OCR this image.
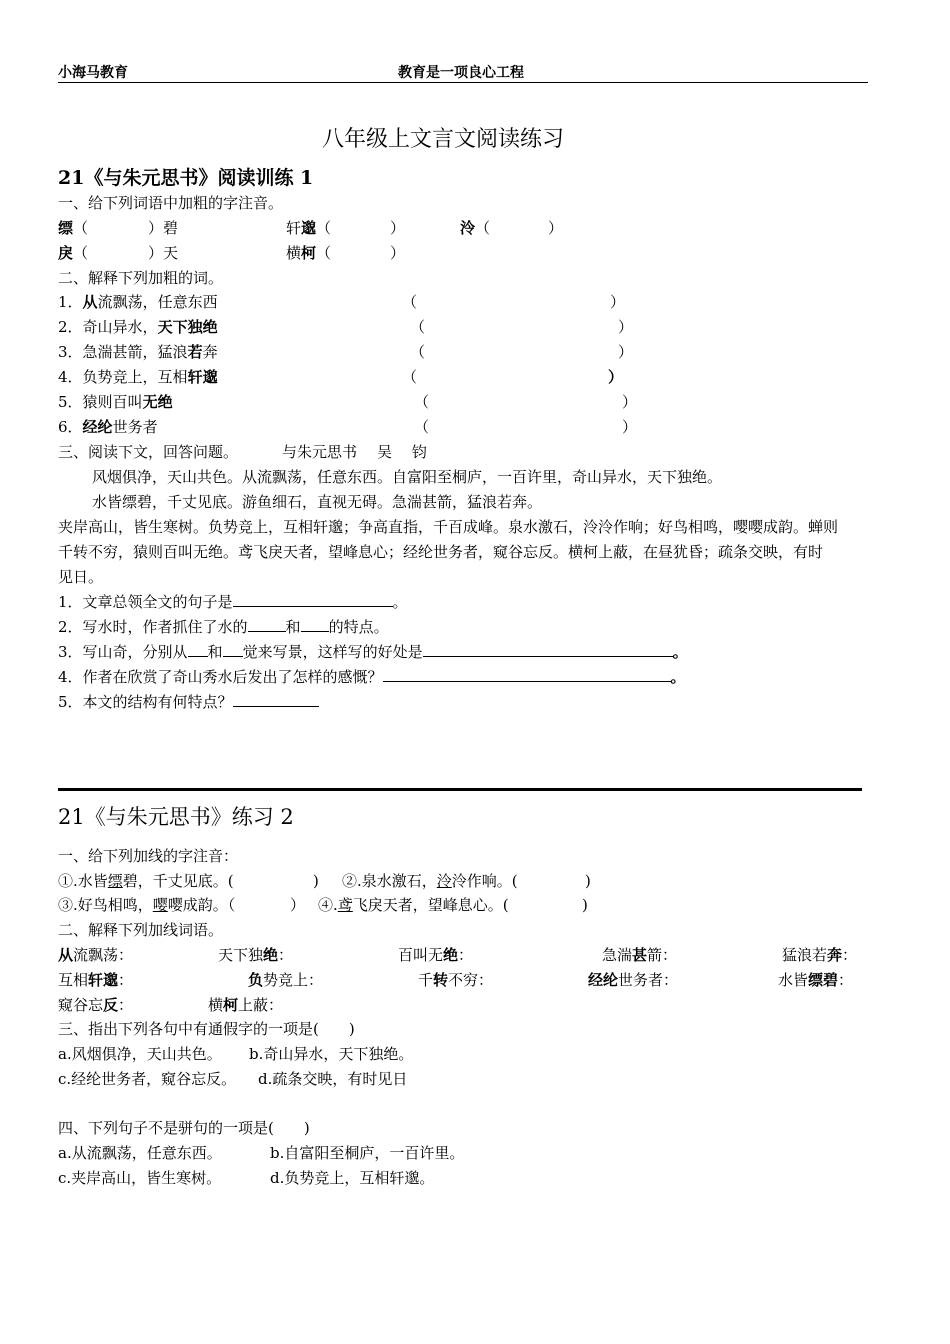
小海马教育	教育是一项良心工程
八年级上文言文阅读练习
21《与朱元思书》阅读训练 1
一、给下列词语中加粗的字注音。
缥（	）碧	轩邈（	）	泠（	）
戾（	）天	横柯（	）
二、解释下列加粗的词。
1．从流飘荡，任意东西	（	）
2．奇山异水，天下独绝	（	）
3．急湍甚箭，猛浪若奔	（	）
4．负势竞上，互相轩邈	（	）
5．猿则百叫无绝	（	）
6．经纶世务者	（	）
三、阅读下文，回答问题。	与朱元思书 吴　 钧
风烟俱净，天山共色。从流飘荡，任意东西。自富阳至桐庐，一百许里，奇山异水，天下独绝。
水皆缥碧，千丈见底。游鱼细石，直视无碍。急湍甚箭，猛浪若奔。
夹岸高山，皆生寒树。负势竞上，互相轩邈；争高直指，千百成峰。泉水激石，泠泠作响；好鸟相鸣，嘤嘤成韵。蝉则
千转不穷，猿则百叫无绝。鸢飞戾天者，望峰息心；经纶世务者，窥谷忘反。横柯上蔽，在昼犹昏；疏条交映，有时
见日。
1．文章总领全文的句子是	。
2．写水时，作者抓住了水的	和 的特点。
3．写山奇，分别从 和 觉来写景，这样写的好处是	。
4．作者在欣赏了奇山秀水后发出了怎样的感慨？	。
5．本文的结构有何特点？
21《与朱元思书》练习 2
一、给下列加线的字注音：
①.水皆缥碧，千丈见底。(	) ②.泉水激石，泠泠作响。(	)
③.好鸟相鸣，嘤嘤成韵。（	） ④.鸢飞戾天者，望峰息心。(	)
二、解释下列加线词语。
从流飘荡：	天下独绝：	百叫无绝：	急湍甚箭：	猛浪若奔：
互相轩邈：	负势竞上：	千转不穷：	经纶世务者：	水皆缥碧：
窥谷忘反：	横柯上蔽：
三、指出下列各句中有通假字的一项是(　　)
a.风烟俱净，天山共色。 b.奇山异水，天下独绝。
c.经纶世务者，窥谷忘反。 d.疏条交映，有时见日
四、下列句子不是骈句的一项是(　　)
a.从流飘荡，任意东西。	b.自富阳至桐庐，一百许里。
c.夹岸高山，皆生寒树。	d.负势竞上，互相轩邈。
